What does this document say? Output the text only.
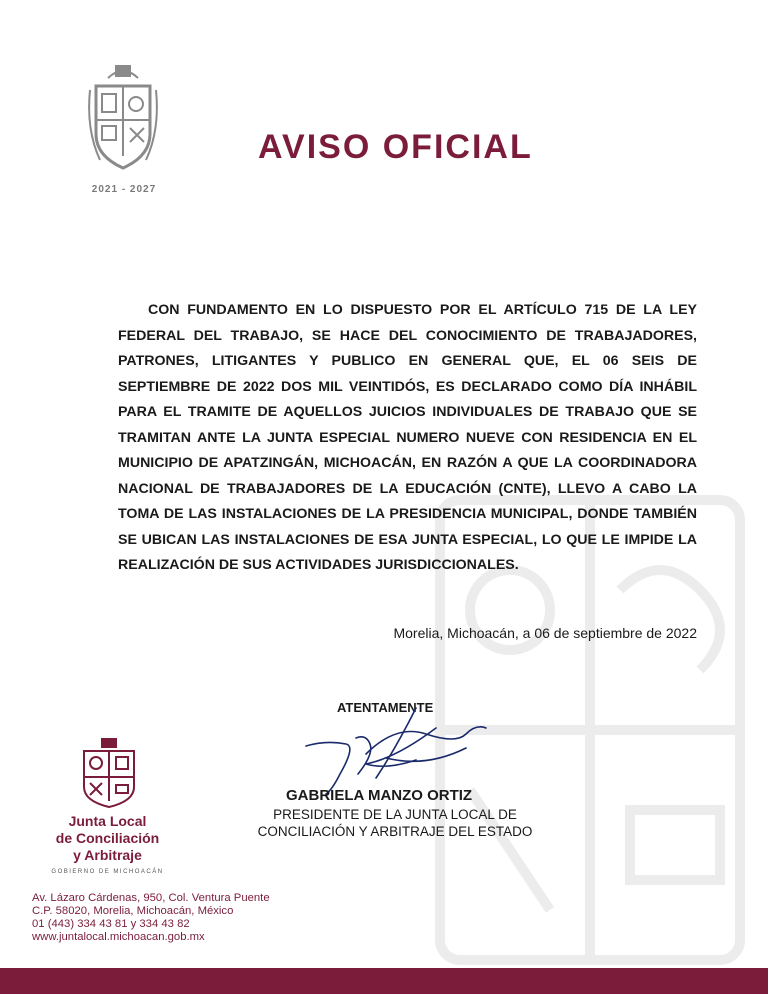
2021 - 2027
AVISO OFICIAL

CON FUNDAMENTO EN LO DISPUESTO POR EL ARTÍCULO 715 DE LA LEY FEDERAL DEL TRABAJO, SE HACE DEL CONOCIMIENTO DE TRABAJADORES, PATRONES, LITIGANTES Y PUBLICO EN GENERAL QUE, EL 06 SEIS DE SEPTIEMBRE DE 2022 DOS MIL VEINTIDÓS, ES DECLARADO COMO DÍA INHÁBIL PARA EL TRAMITE DE AQUELLOS JUICIOS INDIVIDUALES DE TRABAJO QUE SE TRAMITAN ANTE LA JUNTA ESPECIAL NUMERO NUEVE CON RESIDENCIA EN EL MUNICIPIO DE APATZINGÁN, MICHOACÁN, EN RAZÓN A QUE LA COORDINADORA NACIONAL DE TRABAJADORES DE LA EDUCACIÓN (CNTE), LLEVO A CABO LA TOMA DE LAS INSTALACIONES DE LA PRESIDENCIA MUNICIPAL, DONDE TAMBIÉN SE UBICAN LAS INSTALACIONES DE ESA JUNTA ESPECIAL, LO QUE LE IMPIDE LA REALIZACIÓN DE SUS ACTIVIDADES JURISDICCIONALES.

Morelia, Michoacán, a 06 de septiembre de 2022
ATENTAMENTE
GABRIELA MANZO ORTIZ
PRESIDENTE DE LA JUNTA LOCAL DE
CONCILIACIÓN Y ARBITRAJE DEL ESTADO
Junta Local
de Conciliación
y Arbitraje
GOBIERNO DE MICHOACÁN
Av. Lázaro Cárdenas, 950, Col. Ventura Puente
C.P. 58020, Morelia, Michoacán, México
01 (443) 334 43 81 y 334 43 82
www.juntalocal.michoacan.gob.mx
